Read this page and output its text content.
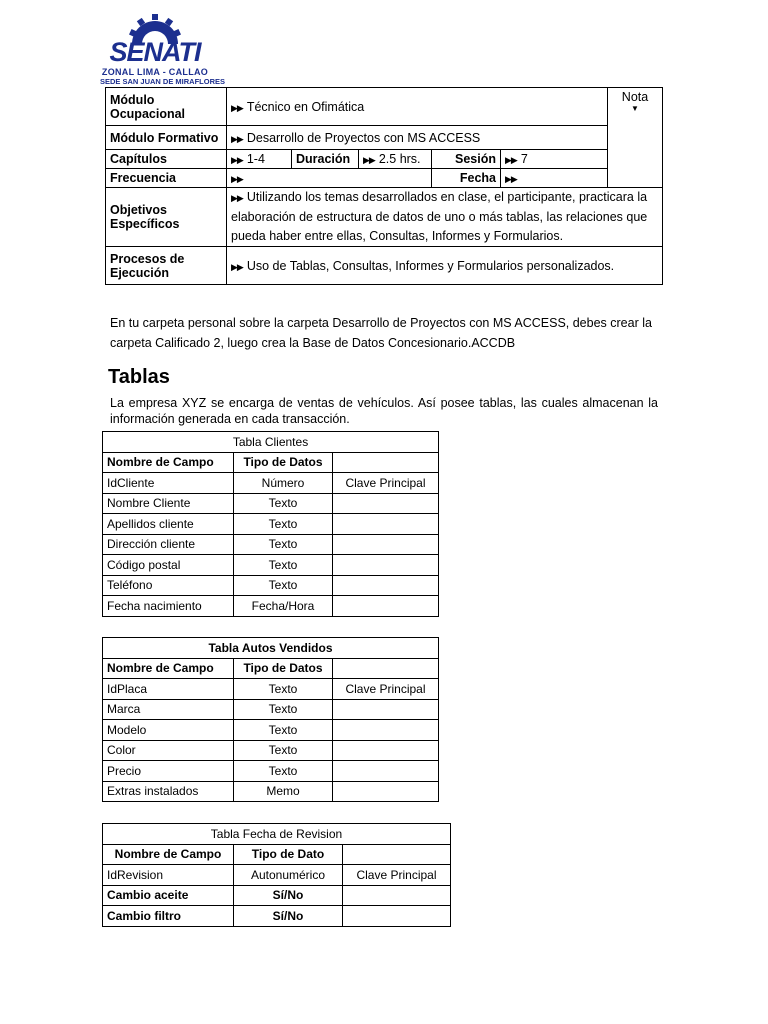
SENATI
ZONAL LIMA - CALLAO
SEDE SAN JUAN DE MIRAFLORES
Módulo Ocupacional	▶▶ Técnico en Ofimática					Nota
▼

Módulo Formativo	▶▶ Desarrollo de Proyectos con MS ACCESS					
Capítulos	▶▶ 1-4	Duración	▶▶ 2.5 hrs.	Sesión	▶▶ 7	
Frecuencia	▶▶			Fecha	▶▶	
Objetivos Específicos	▶▶ Utilizando los temas desarrollados en clase, el participante, practicara la elaboración de estructura de datos de uno o más tablas, las relaciones que pueda haber entre ellas, Consultas, Informes y Formularios.					
Procesos de Ejecución	▶▶ Uso de Tablas, Consultas, Informes y Formularios personalizados.					
En tu carpeta personal sobre la carpeta Desarrollo de Proyectos con MS ACCESS, debes crear la carpeta Calificado 2, luego crea la Base de Datos Concesionario.ACCDB
Tablas
La empresa XYZ se encarga de ventas de vehículos. Así posee tablas, las cuales almacenan la información generada en cada transacción.
Tabla Clientes		
Nombre de Campo	Tipo de Datos	
IdCliente	Número	Clave Principal
Nombre Cliente	Texto	
Apellidos cliente	Texto	
Dirección cliente	Texto	
Código postal	Texto	
Teléfono	Texto	
Fecha nacimiento	Fecha/Hora	
Tabla Autos Vendidos		
Nombre de Campo	Tipo de Datos	
IdPlaca	Texto	Clave Principal
Marca	Texto	
Modelo	Texto	
Color	Texto	
Precio	Texto	
Extras instalados	Memo	
Tabla Fecha de Revision		
Nombre de Campo	Tipo de Dato	
IdRevision	Autonumérico	Clave Principal
Cambio aceite	Sí/No	
Cambio filtro	Sí/No	
